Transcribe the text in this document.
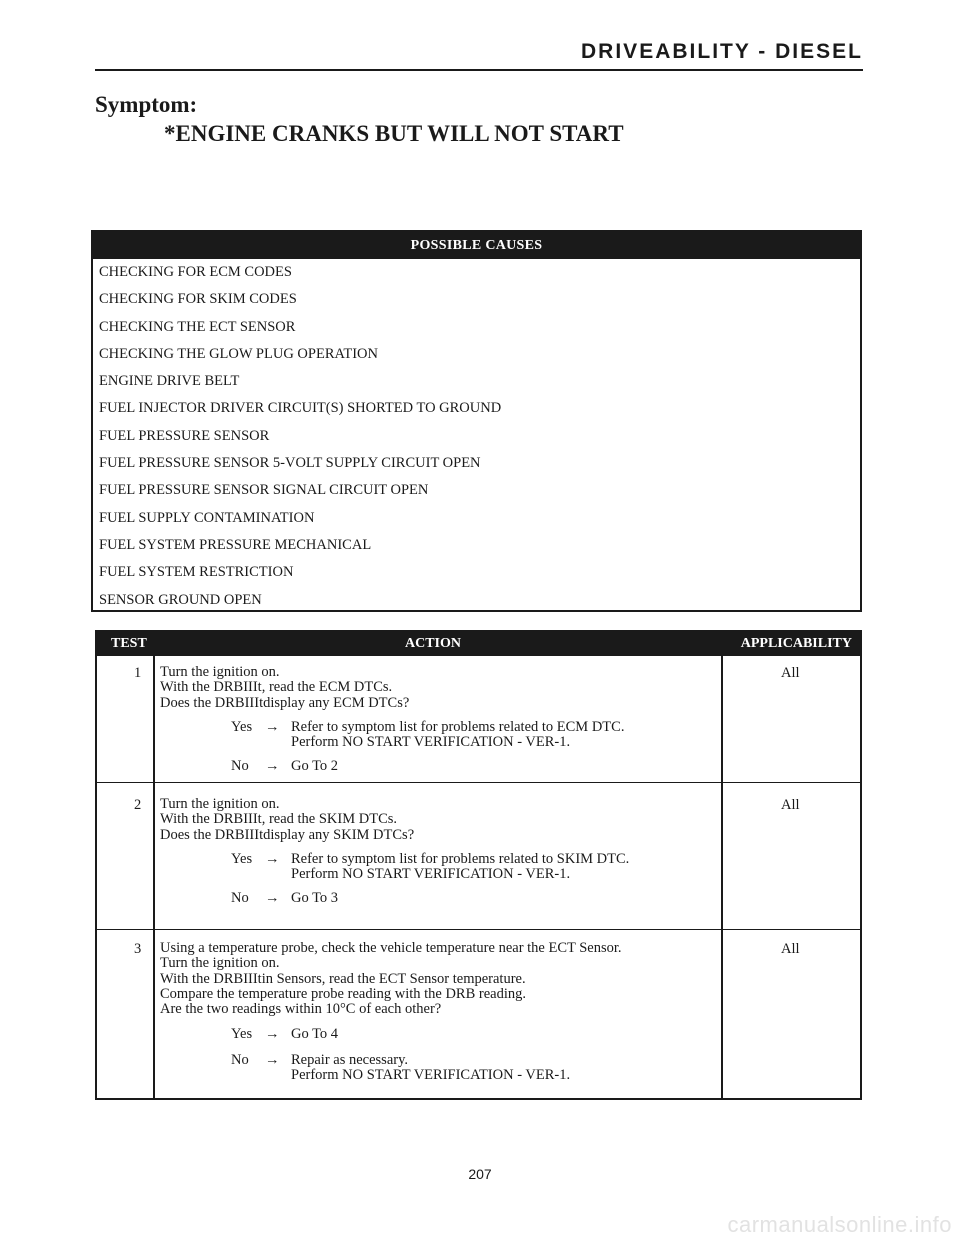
DRIVEABILITY - DIESEL
Symptom:
*ENGINE CRANKS BUT WILL NOT START
POSSIBLE CAUSES
CHECKING FOR ECM CODES
CHECKING FOR SKIM CODES
CHECKING THE ECT SENSOR
CHECKING THE GLOW PLUG OPERATION
ENGINE DRIVE BELT
FUEL INJECTOR DRIVER CIRCUIT(S) SHORTED TO GROUND
FUEL PRESSURE SENSOR
FUEL PRESSURE SENSOR 5-VOLT SUPPLY CIRCUIT OPEN
FUEL PRESSURE SENSOR SIGNAL CIRCUIT OPEN
FUEL SUPPLY CONTAMINATION
FUEL SYSTEM PRESSURE MECHANICAL
FUEL SYSTEM RESTRICTION
SENSOR GROUND OPEN
TEST	ACTION	APPLICABILITY
1 Turn the ignition on.
With the DRBIIIt, read the ECM DTCs.
Does the DRBIIItdisplay any ECM DTCs?
Yes → Refer to symptom list for problems related to ECM DTC.
Perform NO START VERIFICATION - VER-1.
No → Go To 2
All
2 Turn the ignition on.
With the DRBIIIt, read the SKIM DTCs.
Does the DRBIIItdisplay any SKIM DTCs?
Yes → Refer to symptom list for problems related to SKIM DTC.
Perform NO START VERIFICATION - VER-1.
No → Go To 3
All
3 Using a temperature probe, check the vehicle temperature near the ECT Sensor.
Turn the ignition on.
With the DRBIIItin Sensors, read the ECT Sensor temperature.
Compare the temperature probe reading with the DRB reading.
Are the two readings within 10°C of each other?
Yes → Go To 4
No → Repair as necessary.
Perform NO START VERIFICATION - VER-1.
All
207
carmanualsonline.info
